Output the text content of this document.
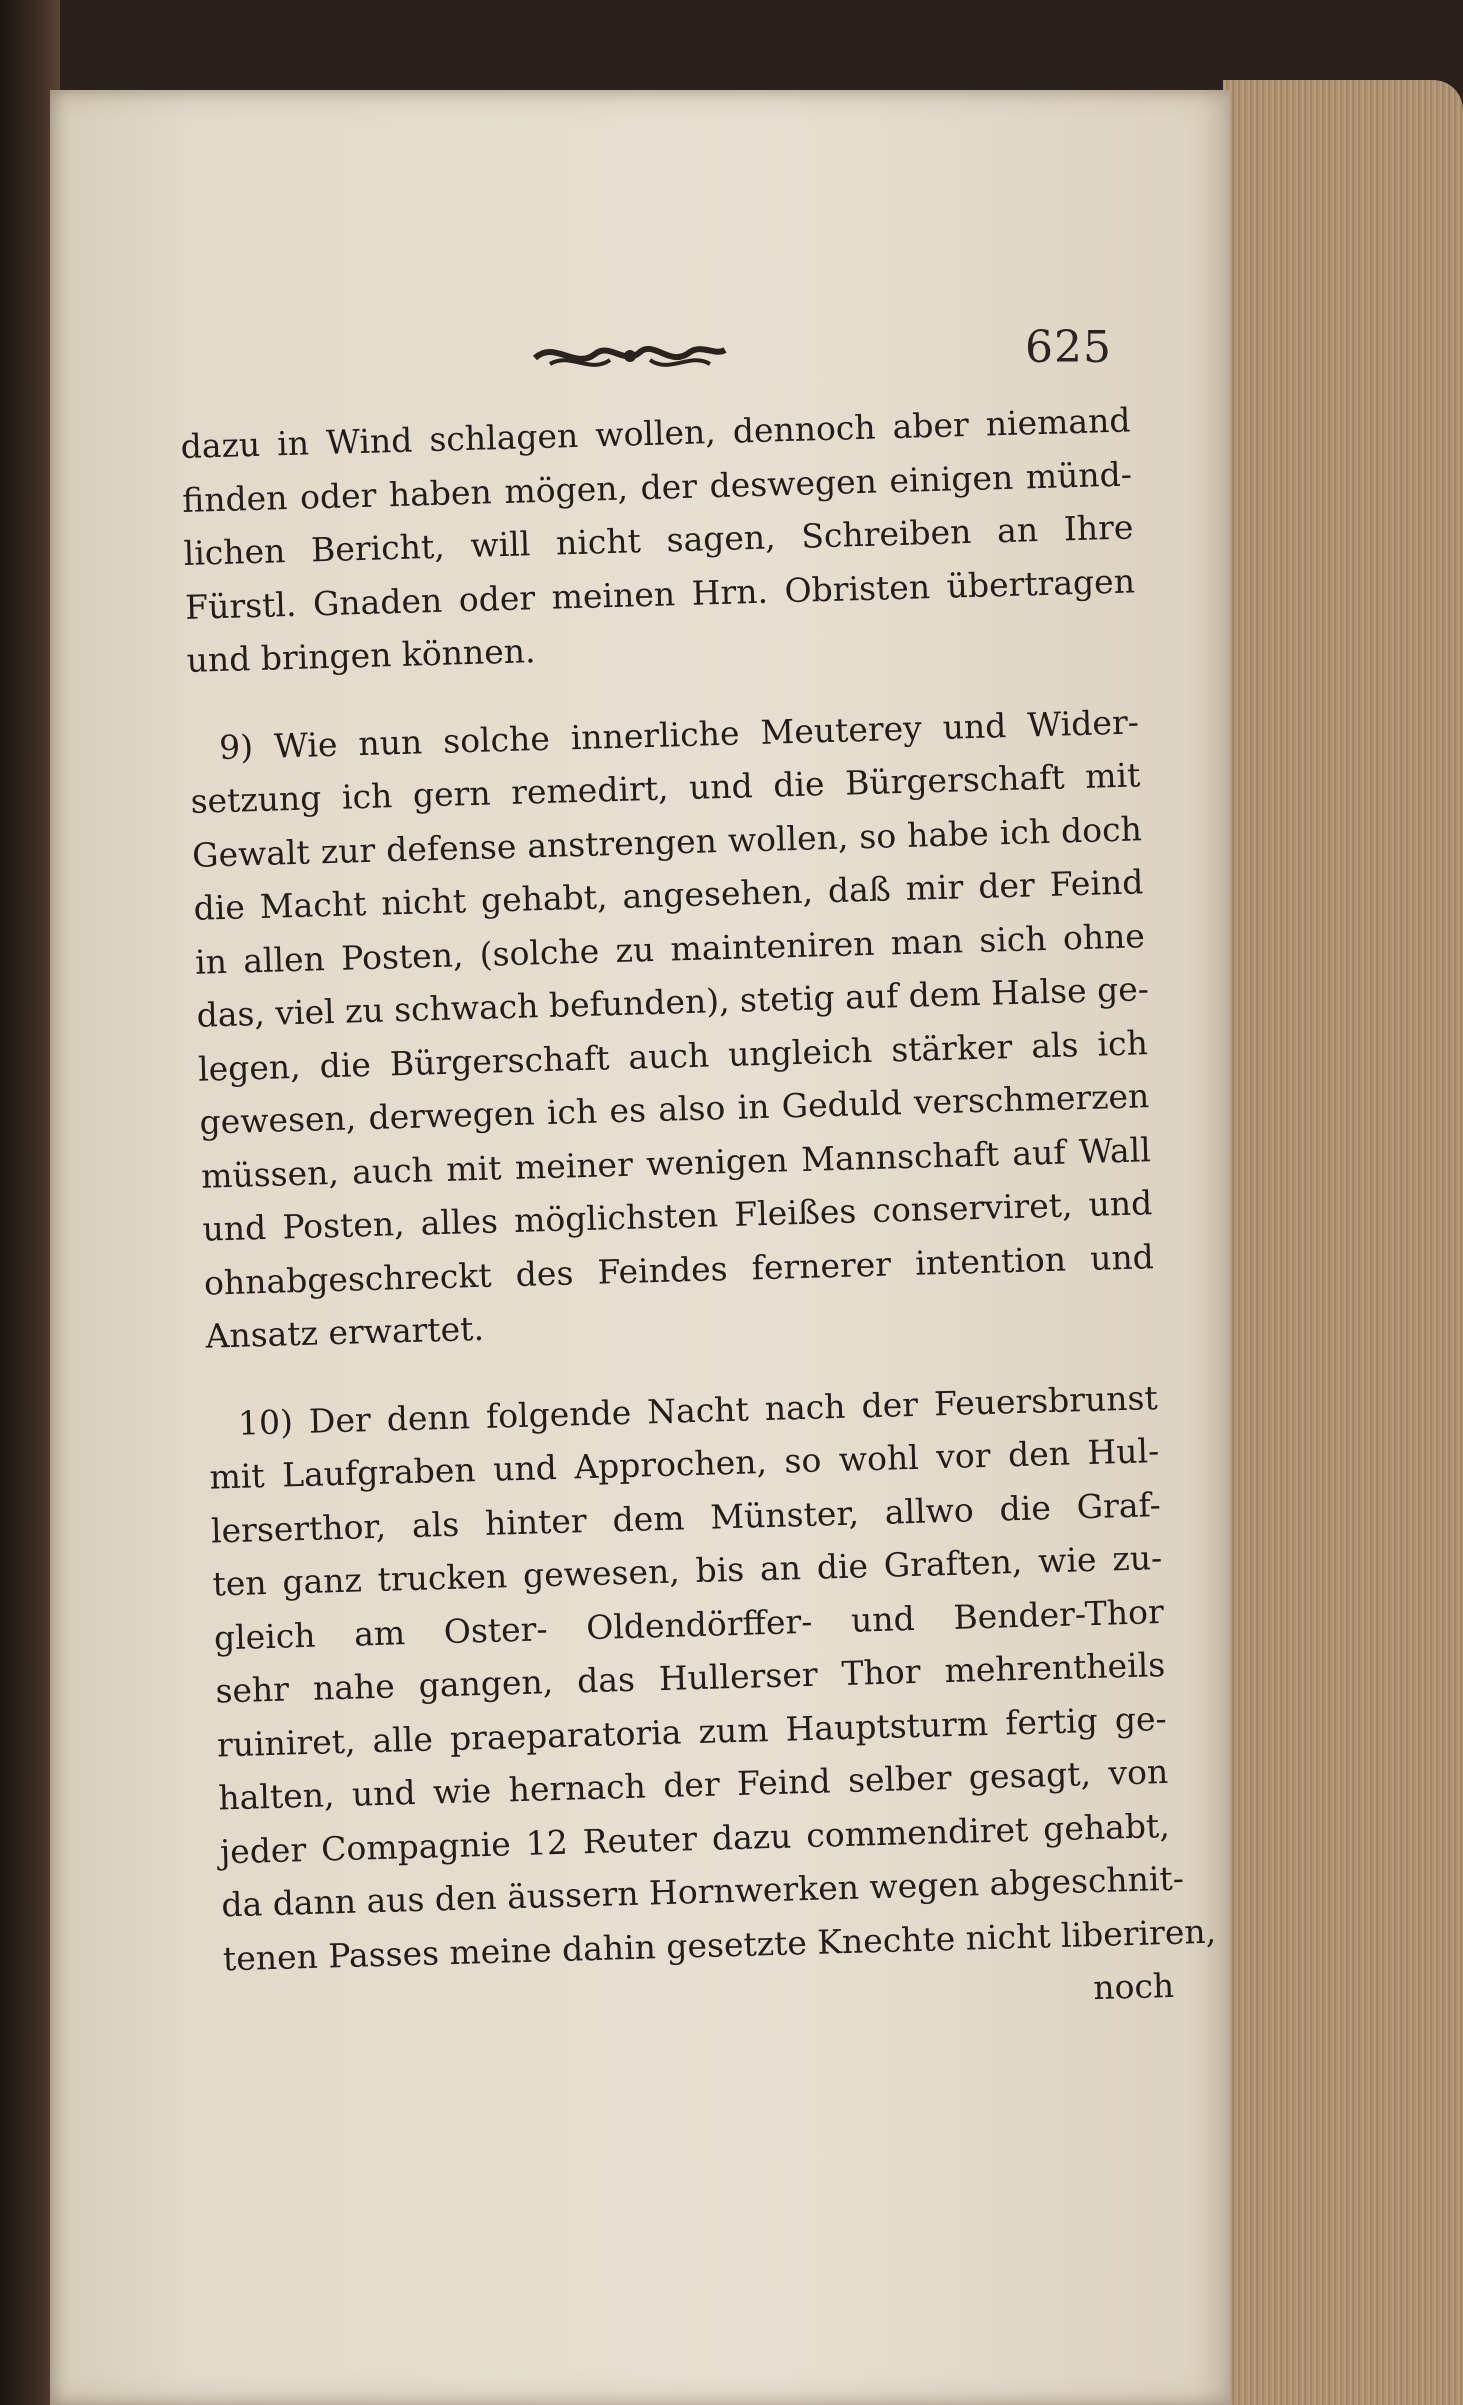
625

dazu in Wind schlagen wollen, dennoch aber niemand
finden oder haben mögen, der deswegen einigen münd-
lichen Bericht, will nicht sagen, Schreiben an Ihre
Fürstl. Gnaden oder meinen Hrn. Obristen übertragen
und bringen können.

9) Wie nun solche innerliche Meuterey und Wider-
setzung ich gern remedirt, und die Bürgerschaft mit
Gewalt zur defense anstrengen wollen, so habe ich doch
die Macht nicht gehabt, angesehen, daß mir der Feind
in allen Posten, (solche zu mainteniren man sich ohne
das, viel zu schwach befunden), stetig auf dem Halse ge-
legen, die Bürgerschaft auch ungleich stärker als ich
gewesen, derwegen ich es also in Geduld verschmerzen
müssen, auch mit meiner wenigen Mannschaft auf Wall
und Posten, alles möglichsten Fleißes conserviret, und
ohnabgeschreckt des Feindes fernerer intention und
Ansatz erwartet.

10) Der denn folgende Nacht nach der Feuersbrunst
mit Laufgraben und Approchen, so wohl vor den Hul-
lerserthor, als hinter dem Münster, allwo die Graf-
ten ganz trucken gewesen, bis an die Graften, wie zu-
gleich am Oster- Oldendörffer- und Bender-Thor
sehr nahe gangen, das Hullerser Thor mehrentheils
ruiniret, alle praeparatoria zum Hauptsturm fertig ge-
halten, und wie hernach der Feind selber gesagt, von
jeder Compagnie 12 Reuter dazu commendiret gehabt,
da dann aus den äussern Hornwerken wegen abgeschnit-
tenen Passes meine dahin gesetzte Knechte nicht liberiren,

noch
